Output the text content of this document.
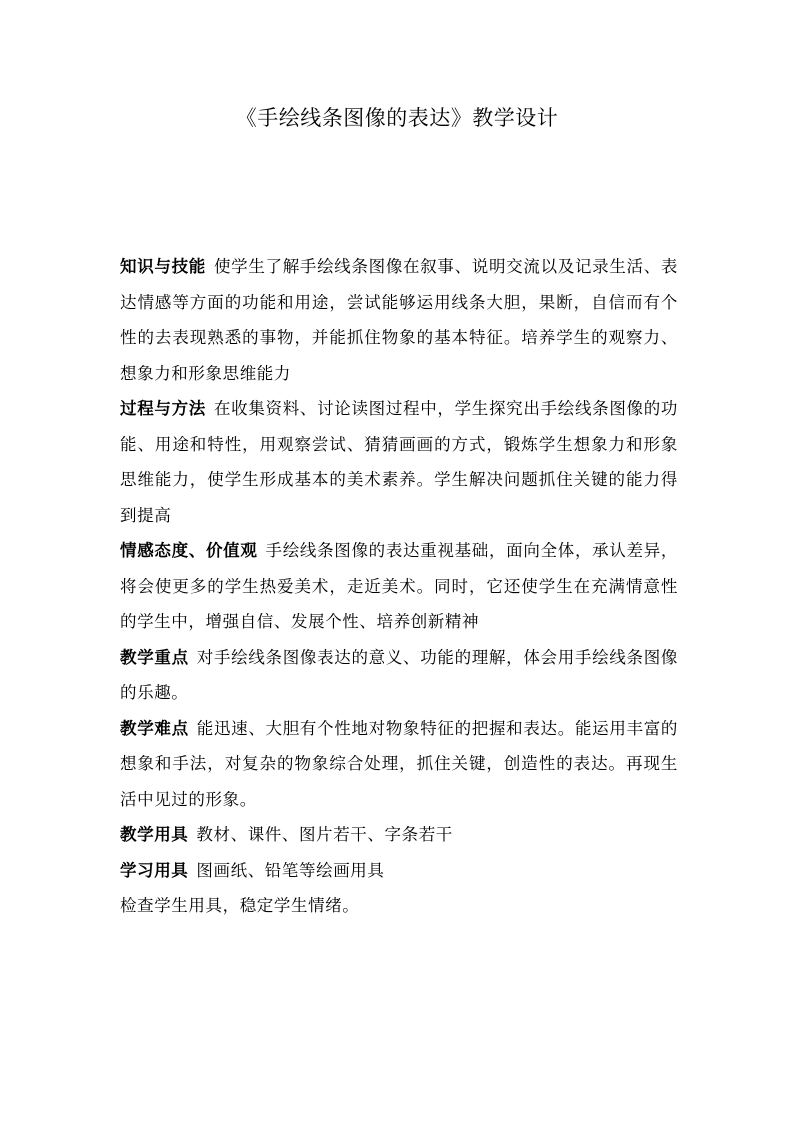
《手绘线条图像的表达》教学设计

知识与技能 使学生了解手绘线条图像在叙事、说明交流以及记录生活、表达情感等方面的功能和用途，尝试能够运用线条大胆，果断，自信而有个性的去表现熟悉的事物，并能抓住物象的基本特征。培养学生的观察力、想象力和形象思维能力

过程与方法 在收集资料、讨论读图过程中，学生探究出手绘线条图像的功能、用途和特性，用观察尝试、猜猜画画的方式，锻炼学生想象力和形象思维能力，使学生形成基本的美术素养。学生解决问题抓住关键的能力得到提高

情感态度、价值观 手绘线条图像的表达重视基础，面向全体，承认差异，将会使更多的学生热爱美术，走近美术。同时，它还使学生在充满情意性的学生中，增强自信、发展个性、培养创新精神

教学重点 对手绘线条图像表达的意义、功能的理解，体会用手绘线条图像的乐趣。

教学难点 能迅速、大胆有个性地对物象特征的把握和表达。能运用丰富的想象和手法，对复杂的物象综合处理，抓住关键，创造性的表达。再现生活中见过的形象。

教学用具 教材、课件、图片若干、字条若干

学习用具 图画纸、铅笔等绘画用具

检查学生用具，稳定学生情绪。
